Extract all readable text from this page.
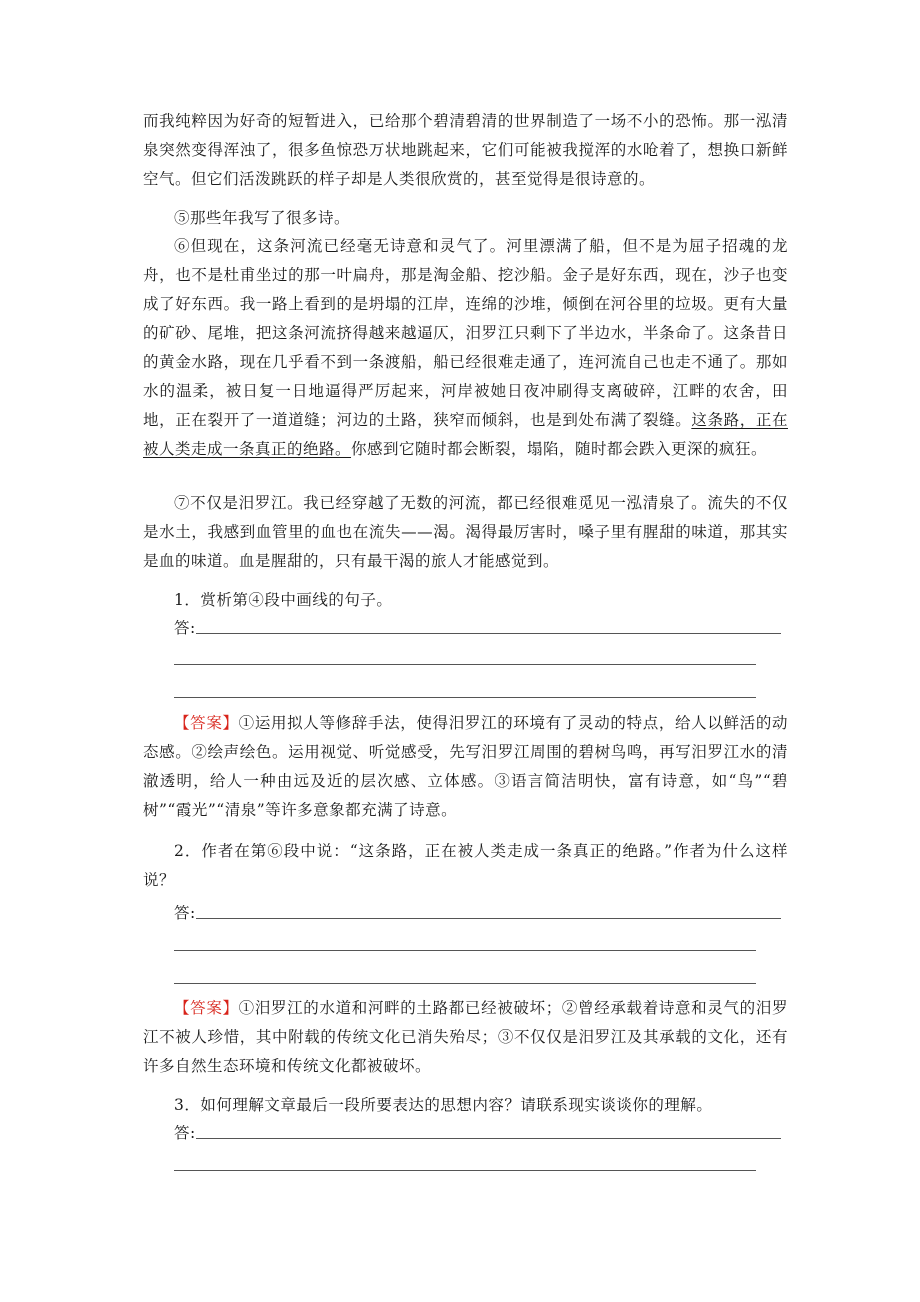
而我纯粹因为好奇的短暂进入，已给那个碧清碧清的世界制造了一场不小的恐怖。那一泓清泉突然变得浑浊了，很多鱼惊恐万状地跳起来，它们可能被我搅浑的水呛着了，想换口新鲜空气。但它们活泼跳跃的样子却是人类很欣赏的，甚至觉得是很诗意的。

⑤那些年我写了很多诗。

⑥但现在，这条河流已经毫无诗意和灵气了。河里漂满了船，但不是为屈子招魂的龙舟，也不是杜甫坐过的那一叶扁舟，那是淘金船、挖沙船。金子是好东西，现在，沙子也变成了好东西。我一路上看到的是坍塌的江岸，连绵的沙堆，倾倒在河谷里的垃圾。更有大量的矿砂、尾堆，把这条河流挤得越来越逼仄，汨罗江只剩下了半边水，半条命了。这条昔日的黄金水路，现在几乎看不到一条渡船，船已经很难走通了，连河流自己也走不通了。那如水的温柔，被日复一日地逼得严厉起来，河岸被她日夜冲刷得支离破碎，江畔的农舍，田地，正在裂开了一道道缝；河边的土路，狭窄而倾斜，也是到处布满了裂缝。这条路，正在被人类走成一条真正的绝路。你感到它随时都会断裂，塌陷，随时都会跌入更深的疯狂。

⑦不仅是汨罗江。我已经穿越了无数的河流，都已经很难觅见一泓清泉了。流失的不仅是水土，我感到血管里的血也在流失——渴。渴得最厉害时，嗓子里有腥甜的味道，那其实是血的味道。血是腥甜的，只有最干渴的旅人才能感觉到。

1．赏析第④段中画线的句子。

答:

【答案】①运用拟人等修辞手法，使得汨罗江的环境有了灵动的特点，给人以鲜活的动态感。②绘声绘色。运用视觉、听觉感受，先写汨罗江周围的碧树鸟鸣，再写汨罗江水的清澈透明，给人一种由远及近的层次感、立体感。③语言简洁明快，富有诗意，如“鸟”“碧树”“霞光”“清泉”等许多意象都充满了诗意。

2．作者在第⑥段中说：“这条路，正在被人类走成一条真正的绝路。”作者为什么这样说？

答:

【答案】①汨罗江的水道和河畔的土路都已经被破坏；②曾经承载着诗意和灵气的汨罗江不被人珍惜，其中附载的传统文化已消失殆尽；③不仅仅是汨罗江及其承载的文化，还有许多自然生态环境和传统文化都被破坏。

3．如何理解文章最后一段所要表达的思想内容？请联系现实谈谈你的理解。

答:
